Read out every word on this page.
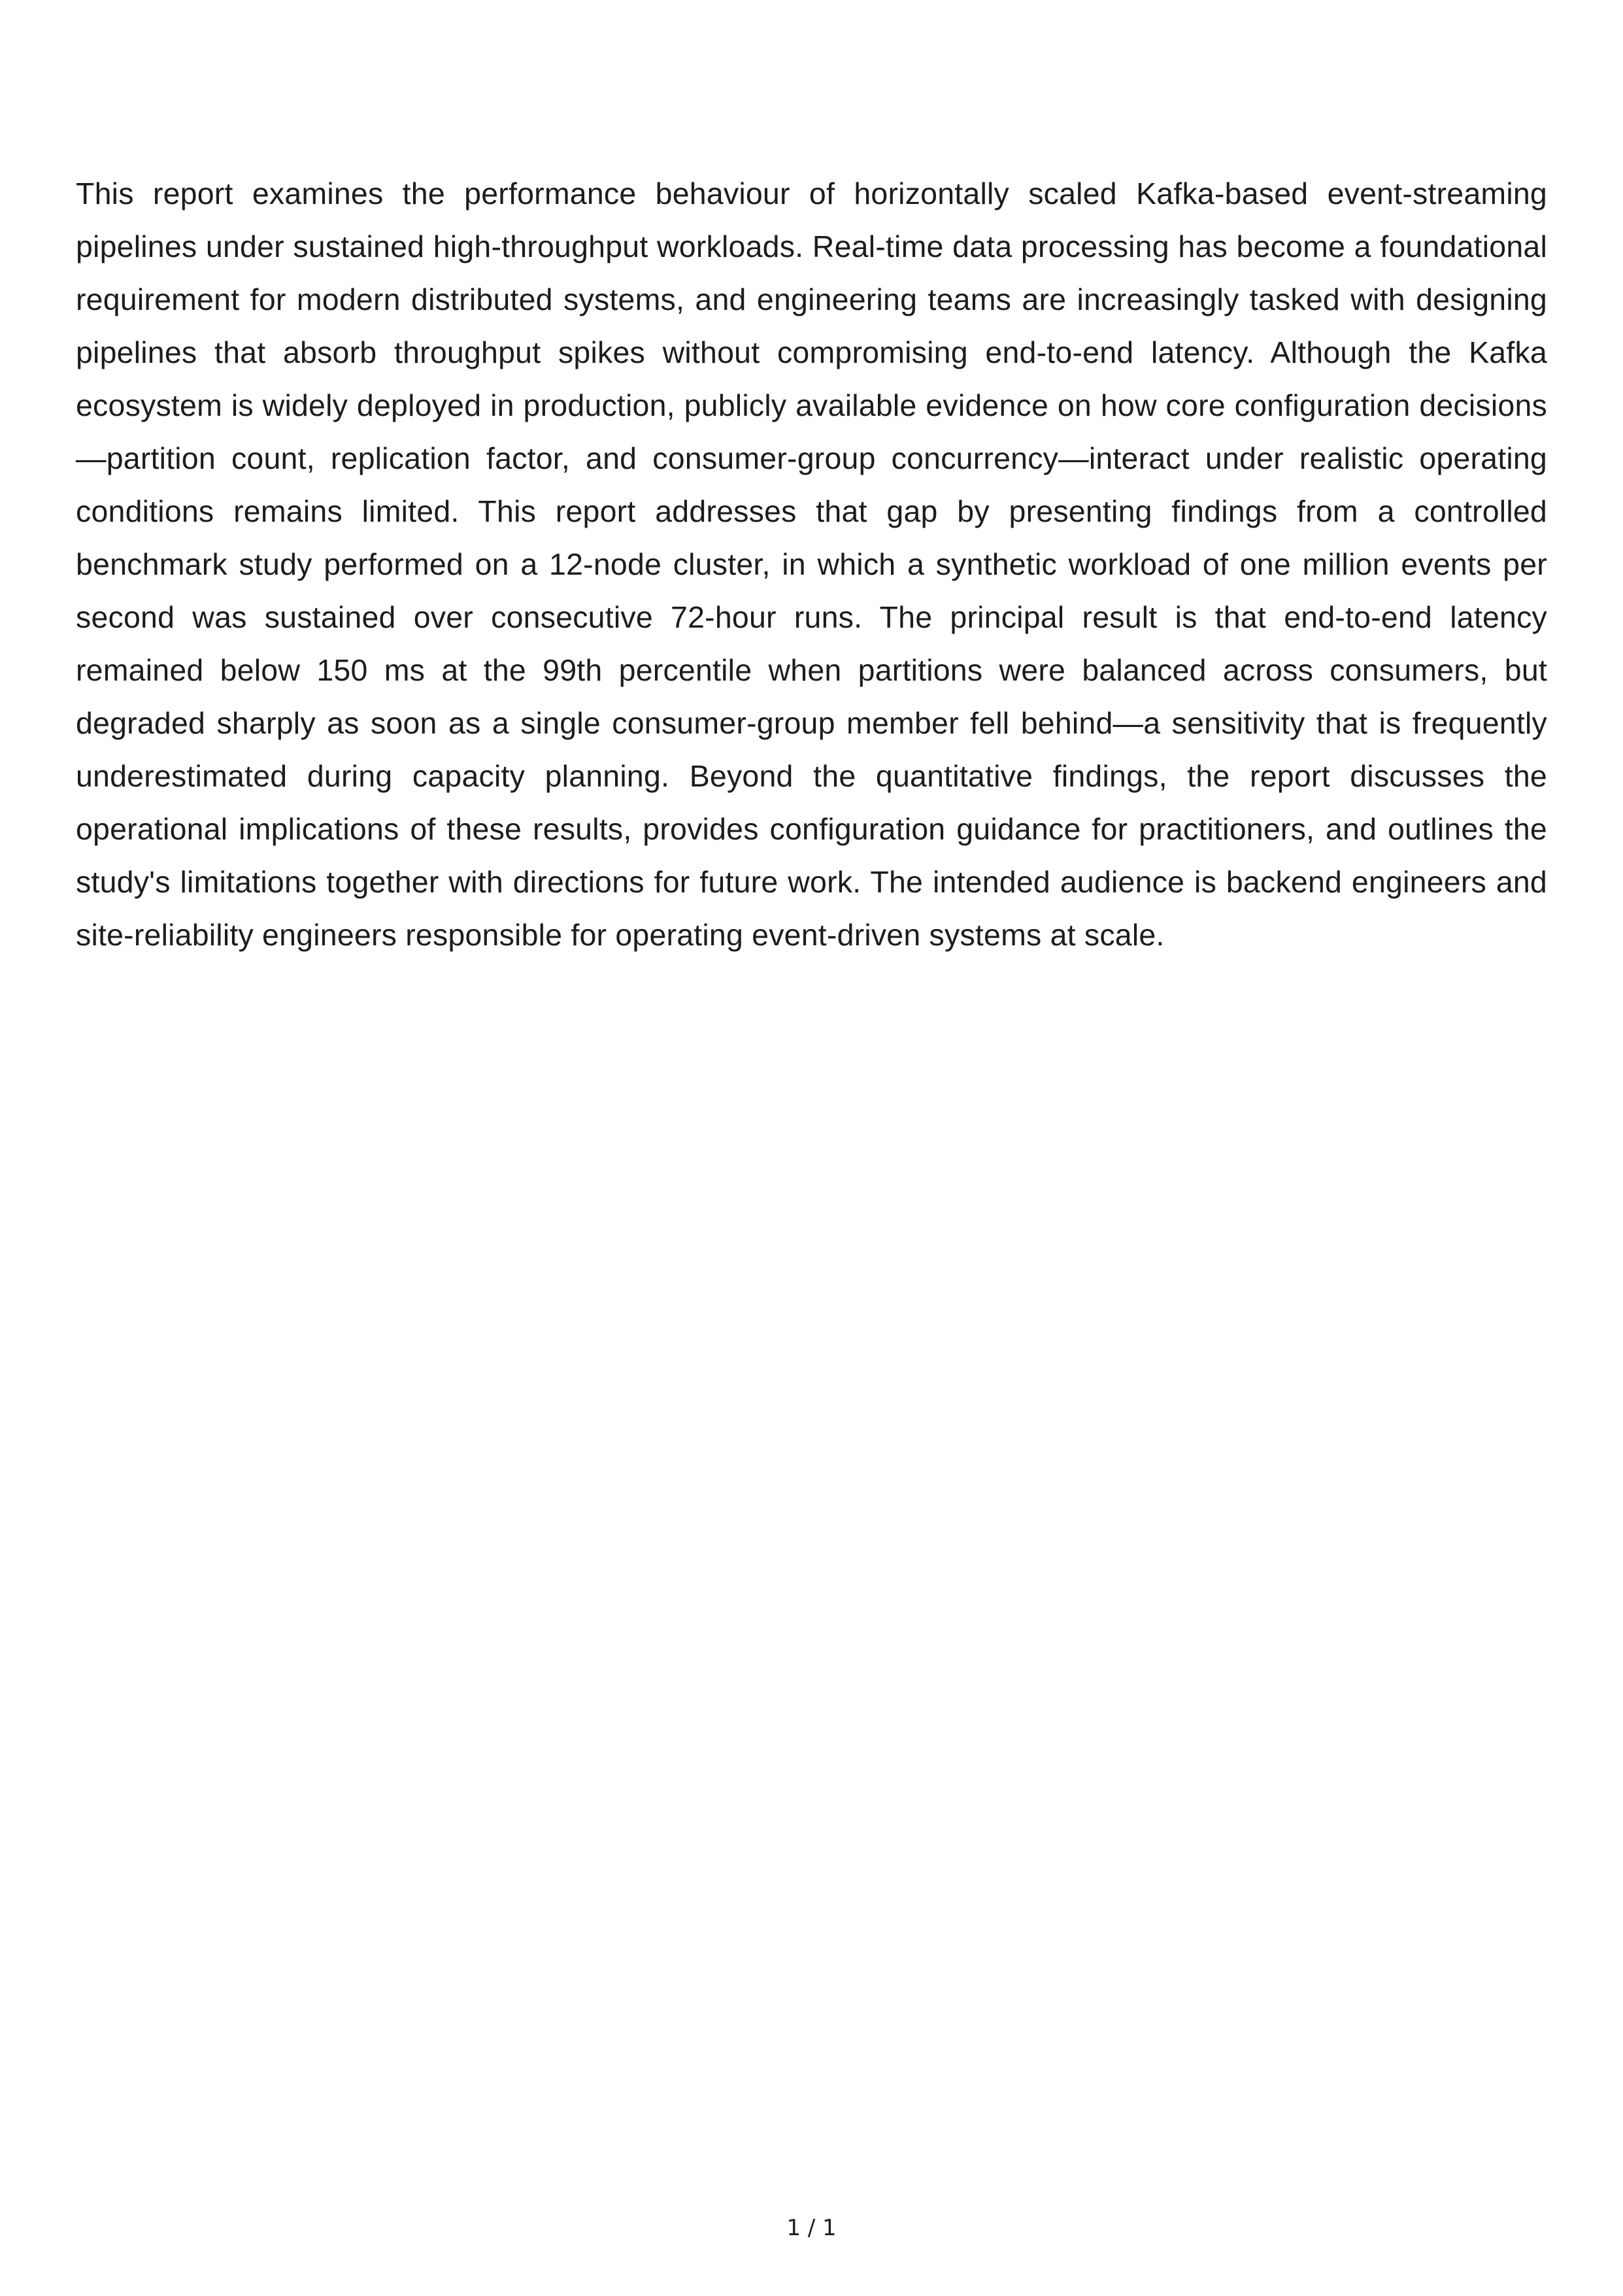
This report examines the performance behaviour of horizontally scaled Kafka-based event-streaming pipelines under sustained high-throughput workloads. Real-time data processing has become a foundational requirement for modern distributed systems, and engineering teams are increasingly tasked with designing pipelines that absorb throughput spikes without compromising end-to-end latency. Although the Kafka ecosystem is widely deployed in production, publicly available evidence on how core configuration decisions—partition count, replication factor, and consumer-group concurrency—interact under realistic operating conditions remains limited. This report addresses that gap by presenting findings from a controlled benchmark study performed on a 12-node cluster, in which a synthetic workload of one million events per second was sustained over consecutive 72-hour runs. The principal result is that end-to-end latency remained below 150 ms at the 99th percentile when partitions were balanced across consumers, but degraded sharply as soon as a single consumer-group member fell behind—a sensitivity that is frequently underestimated during capacity planning. Beyond the quantitative findings, the report discusses the operational implications of these results, provides configuration guidance for practitioners, and outlines the study's limitations together with directions for future work. The intended audience is backend engineers and site-reliability engineers responsible for operating event-driven systems at scale.

1 / 1
